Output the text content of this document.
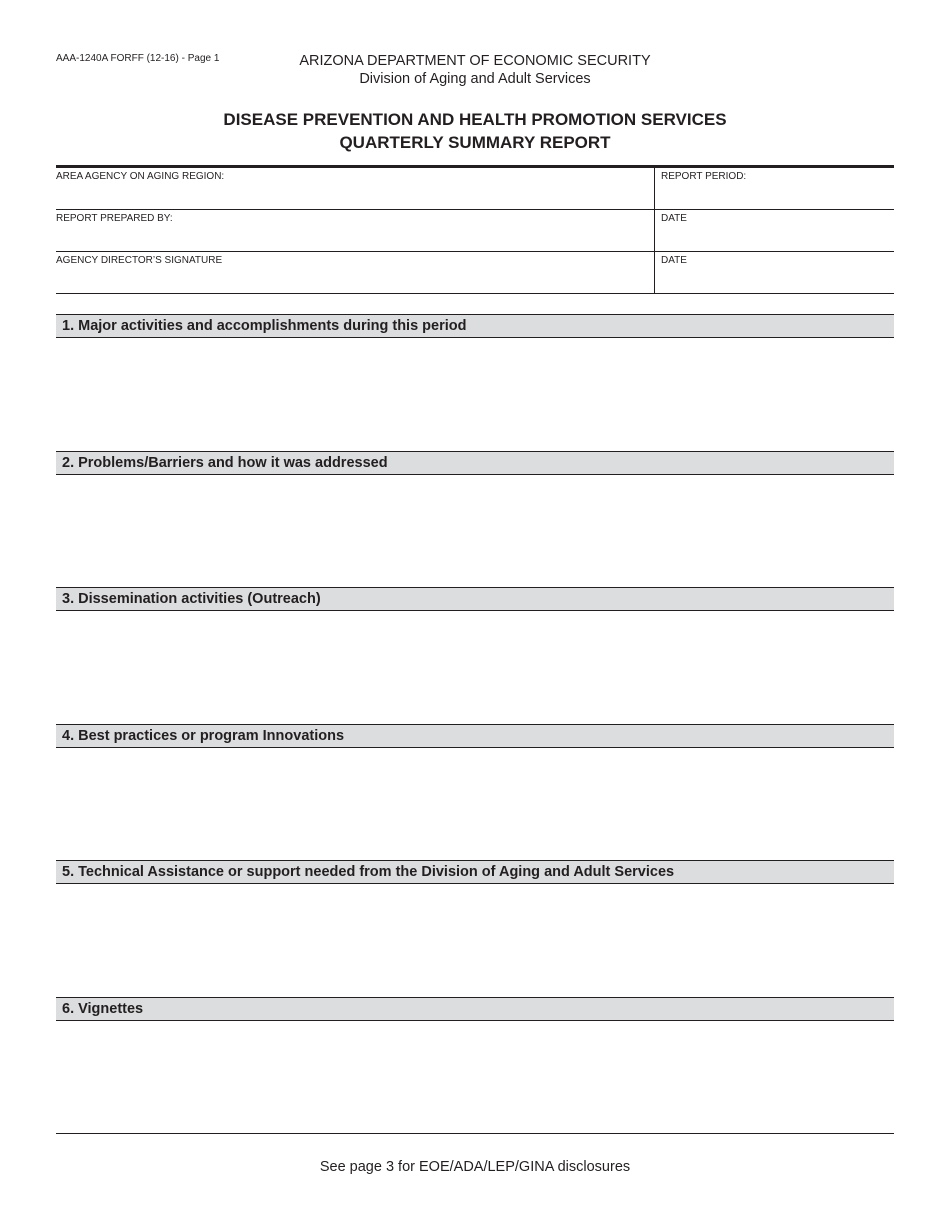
AAA-1240A FORFF (12-16) - Page 1	ARIZONA DEPARTMENT OF ECONOMIC SECURITY
Division of Aging and Adult Services
DISEASE PREVENTION AND HEALTH PROMOTION SERVICES
QUARTERLY SUMMARY REPORT
AREA AGENCY ON AGING REGION:	REPORT PERIOD:
REPORT PREPARED BY:	DATE
AGENCY DIRECTOR’S SIGNATURE	DATE
1. Major activities and accomplishments during this period
2. Problems/Barriers and how it was addressed
3. Dissemination activities (Outreach)
4. Best practices or program Innovations
5. Technical Assistance or support needed from the Division of Aging and Adult Services
6. Vignettes
See page 3 for EOE/ADA/LEP/GINA disclosures
